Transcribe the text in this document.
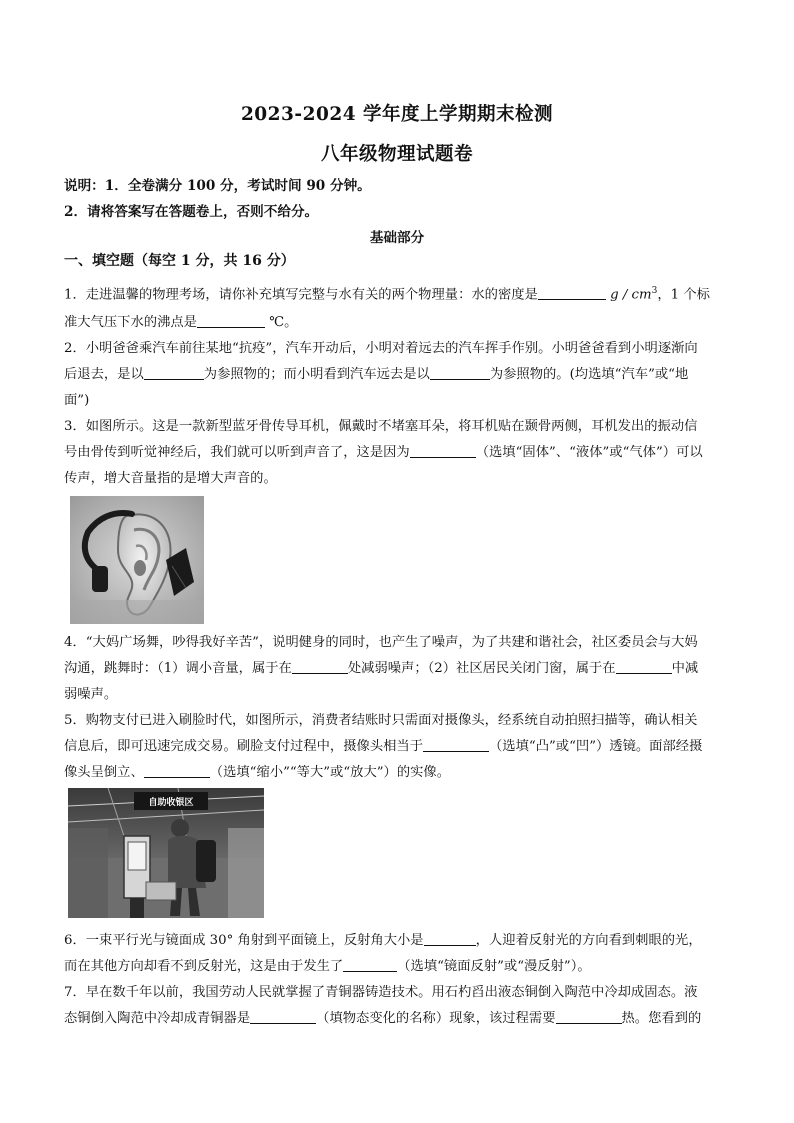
2023-2024 学年度上学期期末检测
八年级物理试题卷
说明：1．全卷满分 100 分，考试时间 90 分钟。
2．请将答案写在答题卷上，否则不给分。
基础部分
一、填空题（每空 1 分，共 16 分）
1．走进温馨的物理考场，请你补充填写完整与水有关的两个物理量：水的密度是	g / $cm^3$，1 个标
准大气压下水的沸点是	℃。
2．小明爸爸乘汽车前往某地“抗疫”，汽车开动后，小明对着远去的汽车挥手作别。小明爸爸看到小明逐渐向
后退去，是以	为参照物的；而小明看到汽车远去是以	为参照物的。(均选填“汽车”或“地
面”)
3．如图所示。这是一款新型蓝牙骨传导耳机，佩戴时不堵塞耳朵，将耳机贴在颞骨两侧，耳机发出的振动信
号由骨传到听觉神经后，我们就可以听到声音了，这是因为	（选填“固体”、“液体”或“气体”）可以
传声，增大音量指的是增大声音的。
4．“大妈广场舞，吵得我好辛苦”，说明健身的同时，也产生了噪声，为了共建和谐社会，社区委员会与大妈
沟通，跳舞时：（1）调小音量，属于在	处减弱噪声；（2）社区居民关闭门窗，属于在	中减
弱噪声。
5．购物支付已进入刷脸时代，如图所示，消费者结账时只需面对摄像头，经系统自动拍照扫描等，确认相关
信息后，即可迅速完成交易。刷脸支付过程中，摄像头相当于	（选填“凸”或“凹”）透镜。面部经摄
像头呈倒立、	（选填“缩小”“等大”或“放大”）的实像。
自助收银区
6．一束平行光与镜面成 30° 角射到平面镜上，反射角大小是	，人迎着反射光的方向看到刺眼的光，
而在其他方向却看不到反射光，这是由于发生了	（选填“镜面反射”或“漫反射”）。
7．早在数千年以前，我国劳动人民就掌握了青铜器铸造技术。用石杓舀出液态铜倒入陶范中冷却成固态。液
态铜倒入陶范中冷却成青铜器是	（填物态变化的名称）现象，该过程需要	热。您看到的
